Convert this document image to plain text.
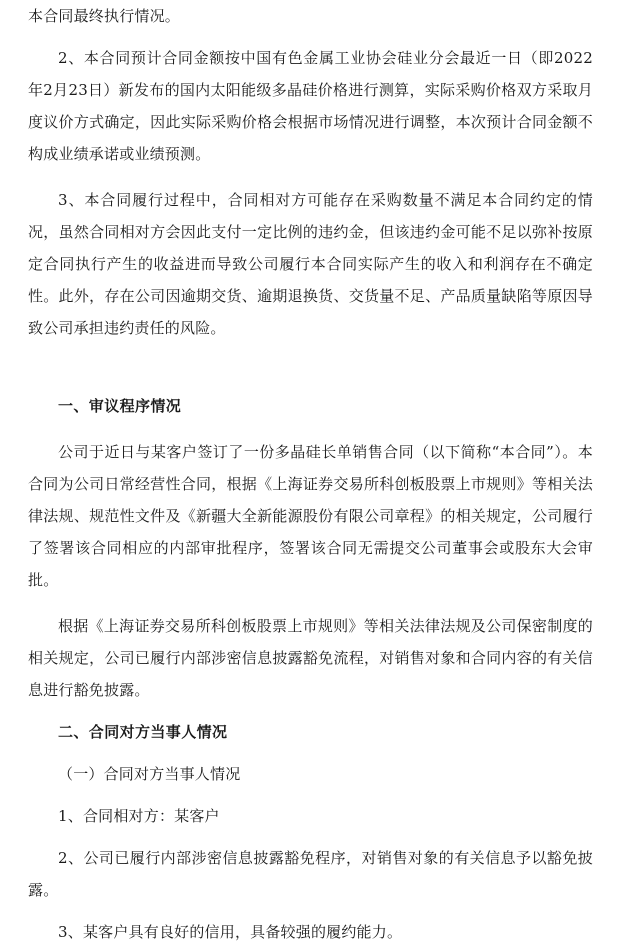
本合同最终执行情况。

2、本合同预计合同金额按中国有色金属工业协会硅业分会最近一日（即2022年2月23日）新发布的国内太阳能级多晶硅价格进行测算，实际采购价格双方采取月度议价方式确定，因此实际采购价格会根据市场情况进行调整，本次预计合同金额不构成业绩承诺或业绩预测。

3、本合同履行过程中，合同相对方可能存在采购数量不满足本合同约定的情况，虽然合同相对方会因此支付一定比例的违约金，但该违约金可能不足以弥补按原定合同执行产生的收益进而导致公司履行本合同实际产生的收入和利润存在不确定性。此外，存在公司因逾期交货、逾期退换货、交货量不足、产品质量缺陷等原因导致公司承担违约责任的风险。

一、审议程序情况

公司于近日与某客户签订了一份多晶硅长单销售合同（以下简称“本合同”）。本合同为公司日常经营性合同，根据《上海证券交易所科创板股票上市规则》等相关法律法规、规范性文件及《新疆大全新能源股份有限公司章程》的相关规定，公司履行了签署该合同相应的内部审批程序，签署该合同无需提交公司董事会或股东大会审批。

根据《上海证券交易所科创板股票上市规则》等相关法律法规及公司保密制度的相关规定，公司已履行内部涉密信息披露豁免流程，对销售对象和合同内容的有关信息进行豁免披露。

二、合同对方当事人情况

（一）合同对方当事人情况

1、合同相对方：某客户

2、公司已履行内部涉密信息披露豁免程序，对销售对象的有关信息予以豁免披露。

3、某客户具有良好的信用，具备较强的履约能力。
